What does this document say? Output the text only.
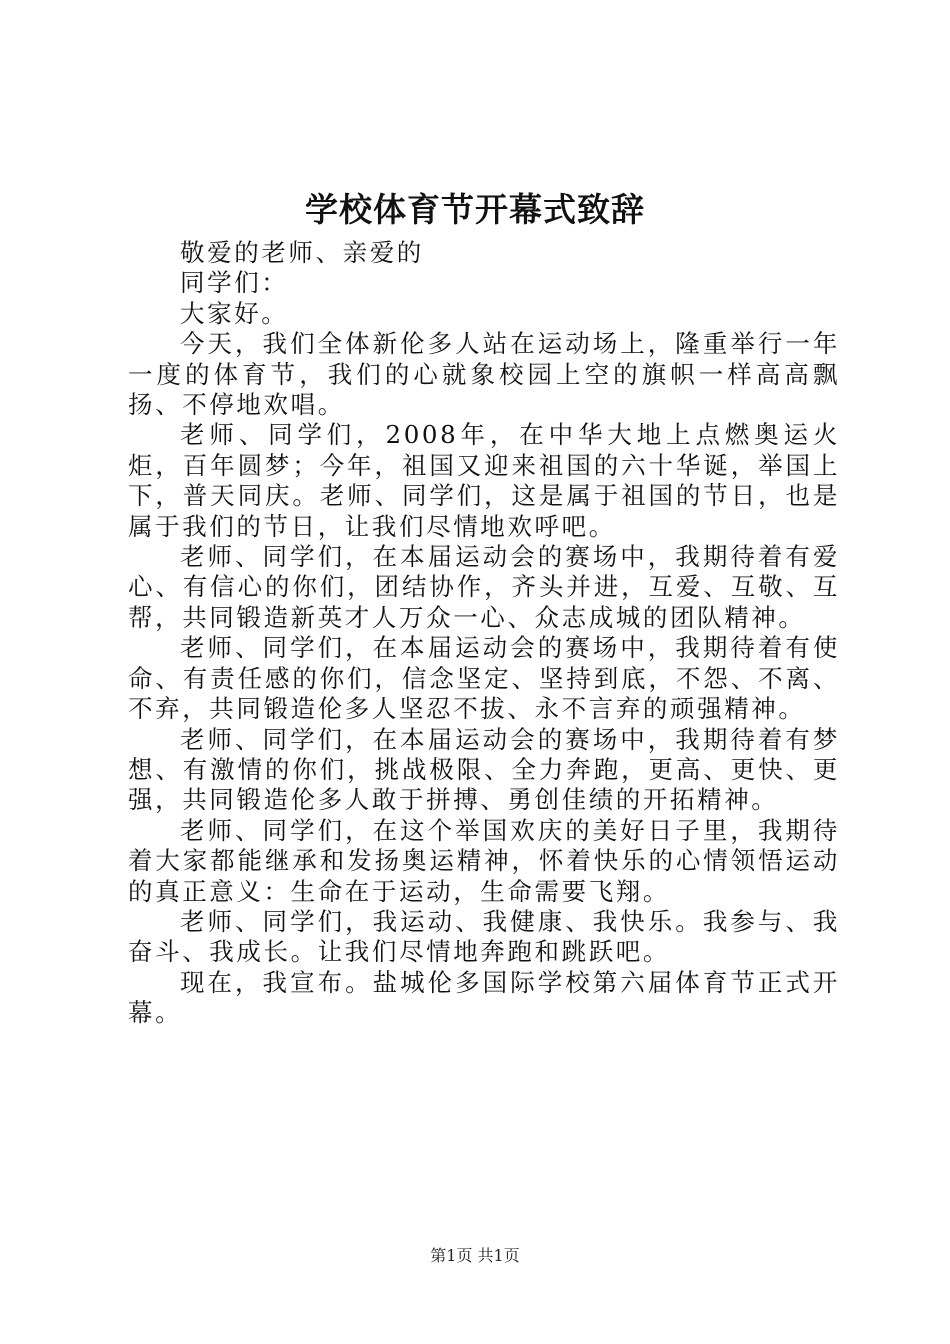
学校体育节开幕式致辞

敬爱的老师、亲爱的

同学们：

大家好。

今天，我们全体新伦多人站在运动场上，隆重举行一年一度的体育节，我们的心就象校园上空的旗帜一样高高飘扬、不停地欢唱。

老师、同学们，2008年，在中华大地上点燃奥运火炬，百年圆梦；今年，祖国又迎来祖国的六十华诞，举国上下，普天同庆。老师、同学们，这是属于祖国的节日，也是属于我们的节日，让我们尽情地欢呼吧。

老师、同学们，在本届运动会的赛场中，我期待着有爱心、有信心的你们，团结协作，齐头并进，互爱、互敬、互帮，共同锻造新英才人万众一心、众志成城的团队精神。

老师、同学们，在本届运动会的赛场中，我期待着有使命、有责任感的你们，信念坚定、坚持到底，不怨、不离、不弃，共同锻造伦多人坚忍不拔、永不言弃的顽强精神。

老师、同学们，在本届运动会的赛场中，我期待着有梦想、有激情的你们，挑战极限、全力奔跑，更高、更快、更强，共同锻造伦多人敢于拼搏、勇创佳绩的开拓精神。

老师、同学们，在这个举国欢庆的美好日子里，我期待着大家都能继承和发扬奥运精神，怀着快乐的心情领悟运动的真正意义：生命在于运动，生命需要飞翔。

老师、同学们，我运动、我健康、我快乐。我参与、我奋斗、我成长。让我们尽情地奔跑和跳跃吧。

现在，我宣布。盐城伦多国际学校第六届体育节正式开幕。

第1页 共1页
